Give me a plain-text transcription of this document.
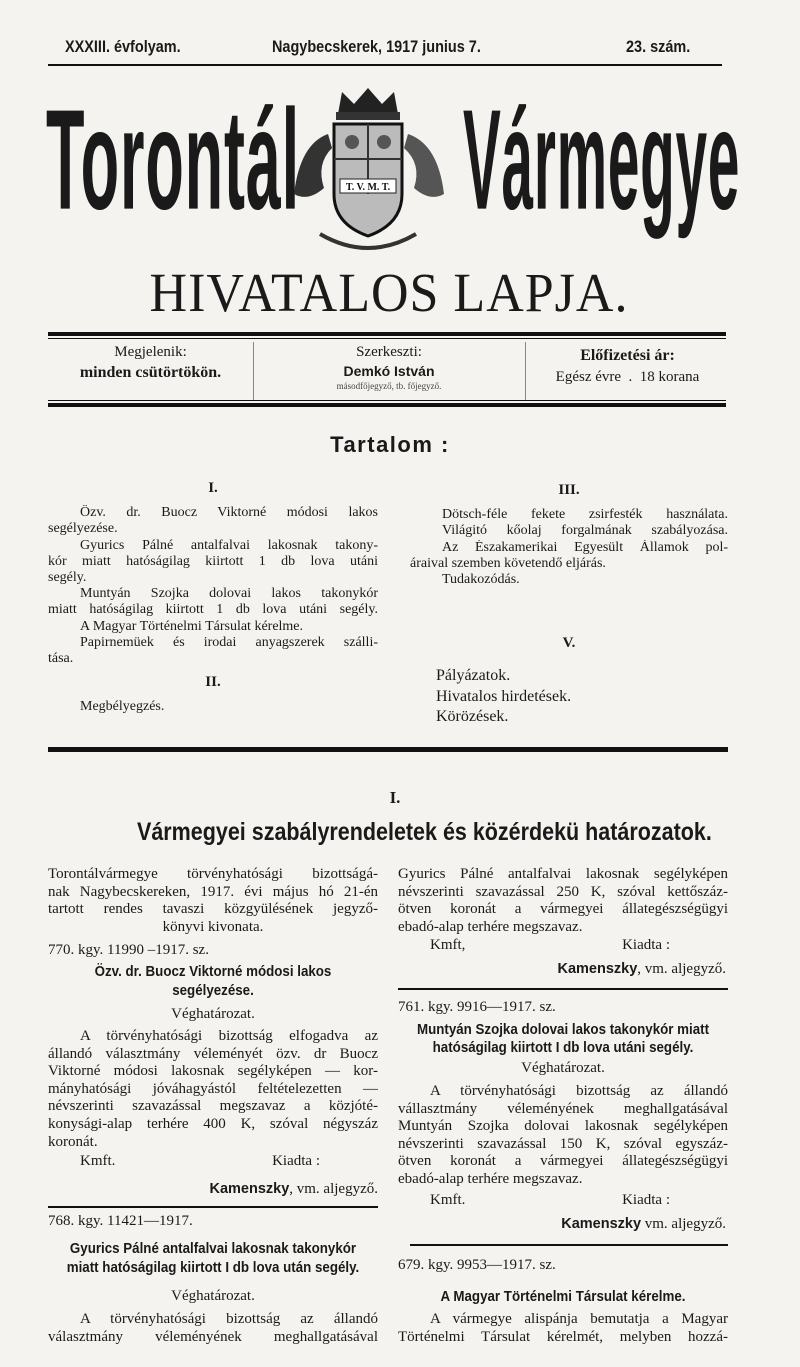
XXXIII. évfolyam.	Nagybecskerek, 1917 junius 7.	23. szám.
Torontál Vármegye
T. V. M. T.
HIVATALOS LAPJA.
Megjelenik:
minden csütörtökön.
Szerkeszti:
Demkó István
másodfőjegyző, tb. főjegyző.
Előfizetési ár:
Egész évre  .  18 korana
Tartalom :
I.
Özv. dr. Buocz Viktorné módosi lakos
segélyezése.
Gyurics Pálné antalfalvai lakosnak takony-
kór miatt hatóságilag kiirtott 1 db lova utáni
segély.
Muntyán Szojka dolovai lakos takonykór
miatt hatóságilag kiirtott 1 db lova utáni segély.
A Magyar Történelmi Társulat kérelme.
Papirnemüek és irodai anyagszerek szálli-
tása.
II.
Megbélyegzés.
III.
Dötsch-féle fekete zsirfesték használata.
Világitó kőolaj forgalmának szabályozása.
Az Északamerikai Egyesült Államok pol-
áraival szemben követendő eljárás.
Tudakozódás.
V.
Pályázatok.
Hivatalos hirdetések.
Körözések.
I.
Vármegyei szabályrendeletek és közérdekü határozatok.
Torontálvármegye törvényhatósági bizottságá-
nak Nagybecskereken, 1917. évi május hó 21-én
tartott rendes tavaszi közgyülésének jegyző-
könyvi kivonata.
770. kgy. 11990 –1917. sz.
Özv. dr. Buocz Viktorné módosi lakos
segélyezése.
Véghatározat.
A törvényhatósági bizottság elfogadva az
állandó választmány véleményét özv. dr Buocz
Viktorné módosi lakosnak segélyképen — kor-
mányhatósági jóváhagyástól feltételezetten —
névszerinti szavazással megszavaz a közjóté-
konysági-alap terhére 400 K, szóval négyszáz
koronát.
Kmft.	Kiadta :
Kamenszky, vm. aljegyző.
768. kgy. 11421—1917.
Gyurics Pálné antalfalvai lakosnak takonykór
miatt hatóságilag kiirtott I db lova után segély.
Véghatározat.
A törvényhatósági bizottság az állandó
választmány véleményének meghallgatásával
Gyurics Pálné antalfalvai lakosnak segélyképen
névszerinti szavazással 250 K, szóval kettőszáz-
ötven koronát a vármegyei állategészségügyi
ebadó-alap terhére megszavaz.
Kmft,	Kiadta :
Kamenszky, vm. aljegyző.
761. kgy. 9916—1917. sz.
Muntyán Szojka dolovai lakos takonykór miatt
hatóságilag kiirtott I db lova utáni segély.
Véghatározat.
A törvényhatósági bizottság az állandó
vállasztmány véleményének meghallgatásával
Muntyán Szojka dolovai lakosnak segélyképen
névszerinti szavazással 150 K, szóval egyszáz-
ötven koronát a vármegyei állategészségügyi
ebadó-alap terhére megszavaz.
Kmft.	Kiadta :
Kamenszky vm. aljegyző.
679. kgy. 9953—1917. sz.
A Magyar Történelmi Társulat kérelme.
A vármegye alispánja bemutatja a Magyar
Történelmi Társulat kérelmét, melyben hozzá-
